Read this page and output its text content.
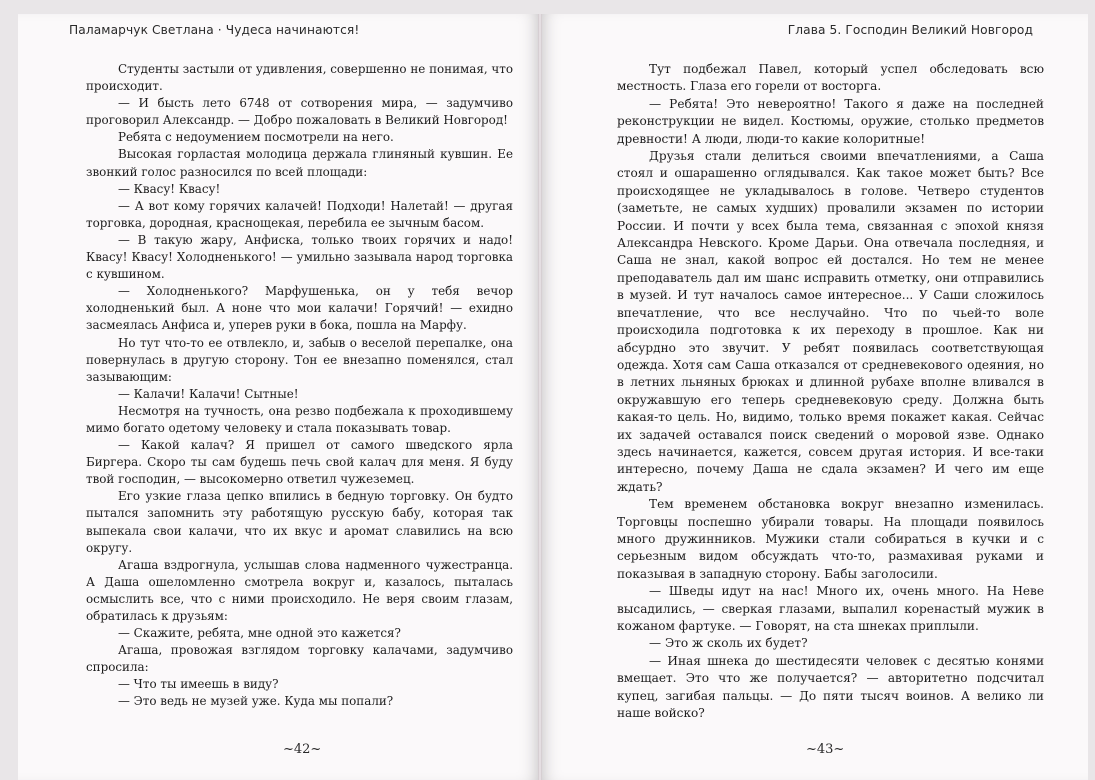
Паламарчук Светлана · Чудеса начинаются!	Глава 5. Господин Великий Новгород

Студенты застыли от удивления, совершенно не понимая, что происходит.

— И бысть лето 6748 от сотворения мира, — задумчиво проговорил Александр. — Добро пожаловать в Великий Новгород!

Ребята с недоумением посмотрели на него.

Высокая горластая молодица держала глиняный кувшин. Ее звонкий голос разносился по всей площади:

— Квасу! Квасу!

— А вот кому горячих калачей! Подходи! Налетай! — другая торговка, дородная, краснощекая, перебила ее зычным басом.

— В такую жару, Анфиска, только твоих горячих и надо! Квасу! Квасу! Холодненького! — умильно зазывала народ торговка с кувшином.

— Холодненького? Марфушенька, он у тебя вечор холодненький был. А ноне что мои калачи! Горячий! — ехидно засмеялась Анфиса и, уперев руки в бока, пошла на Марфу.

Но тут что-то ее отвлекло, и, забыв о веселой перепалке, она повернулась в другую сторону. Тон ее внезапно поменялся, стал зазывающим:

— Калачи! Калачи! Сытные!

Несмотря на тучность, она резво подбежала к проходившему мимо богато одетому человеку и стала показывать товар.

— Какой калач? Я пришел от самого шведского ярла Биргера. Скоро ты сам будешь печь свой калач для меня. Я буду твой господин, — высокомерно ответил чужеземец.

Его узкие глаза цепко впились в бедную торговку. Он будто пытался запомнить эту работящую русскую бабу, которая так выпекала свои калачи, что их вкус и аромат славились на всю округу.

Агаша вздрогнула, услышав слова надменного чужестранца. А Даша ошеломленно смотрела вокруг и, казалось, пыталась осмыслить все, что с ними происходило. Не веря своим глазам, обратилась к друзьям:

— Скажите, ребята, мне одной это кажется?

Агаша, провожая взглядом торговку калачами, задумчиво спросила:

— Что ты имеешь в виду?

— Это ведь не музей уже. Куда мы попали?

Тут подбежал Павел, который успел обследовать всю местность. Глаза его горели от восторга.

— Ребята! Это невероятно! Такого я даже на последней реконструкции не видел. Костюмы, оружие, столько предметов древности! А люди, люди-то какие колоритные!

Друзья стали делиться своими впечатлениями, а Саша стоял и ошарашенно оглядывался. Как такое может быть? Все происходящее не укладывалось в голове. Четверо студентов (заметьте, не самых худших) провалили экзамен по истории России. И почти у всех была тема, связанная с эпохой князя Александра Невского. Кроме Дарьи. Она отвечала последняя, и Саша не знал, какой вопрос ей достался. Но тем не менее преподаватель дал им шанс исправить отметку, они отправились в музей. И тут началось самое интересное... У Саши сложилось впечатление, что все неслучайно. Что по чьей-то воле происходила подготовка к их переходу в прошлое. Как ни абсурдно это звучит. У ребят появилась соответствующая одежда. Хотя сам Саша отказался от средневекового одеяния, но в летних льняных брюках и длинной рубахе вполне вливался в окружавшую его теперь средневековую среду. Должна быть какая-то цель. Но, видимо, только время покажет какая. Сейчас их задачей оставался поиск сведений о моровой язве. Однако здесь начинается, кажется, совсем другая история. И все-таки интересно, почему Даша не сдала экзамен? И чего им еще ждать?

Тем временем обстановка вокруг внезапно изменилась. Торговцы поспешно убирали товары. На площади появилось много дружинников. Мужики стали собираться в кучки и с серьезным видом обсуждать что-то, размахивая руками и показывая в западную сторону. Бабы заголосили.

— Шведы идут на нас! Много их, очень много. На Неве высадились, — сверкая глазами, выпалил коренастый мужик в кожаном фартуке. — Говорят, на ста шнеках приплыли.

— Это ж сколь их будет?

— Иная шнека до шестидесяти человек с десятью конями вмещает. Это что же получается? — авторитетно подсчитал купец, загибая пальцы. — До пяти тысяч воинов. А велико ли наше войско?

~42~	~43~
